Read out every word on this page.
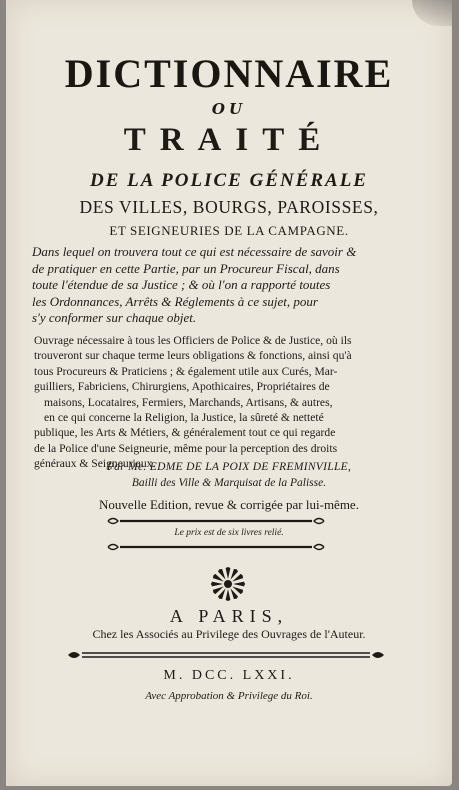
DICTIONNAIRE
OU
TRAITÉ
DE LA POLICE GÉNÉRALE
DES VILLES, BOURGS, PAROISSES,
ET SEIGNEURIES DE LA CAMPAGNE.
Dans lequel on trouvera tout ce qui est nécessaire de savoir &
de pratiquer en cette Partie, par un Procureur Fiscal, dans
toute l'étendue de sa Justice ; & où l'on a rapporté toutes
les Ordonnances, Arrêts & Réglements à ce sujet, pour
s'y conformer sur chaque objet.
Ouvrage nécessaire à tous les Officiers de Police & de Justice, où ils
trouveront sur chaque terme leurs obligations & fonctions, ainsi qu'à
tous Procureurs & Praticiens ; & également utile aux Curés, Mar-
guilliers, Fabriciens, Chirurgiens, Apothicaires, Propriétaires de
maisons, Locataires, Fermiers, Marchands, Artisans, & autres,
en ce qui concerne la Religion, la Justice, la sûreté & netteté
publique, les Arts & Métiers, & généralement tout ce qui regarde
de la Police d'une Seigneurie, même pour la perception des droits
généraux & Seigneuriaux.
Par Me. EDME DE LA POIX DE FREMINVILLE,
Bailli des Ville & Marquisat de la Palisse.
Nouvelle Edition, revue & corrigée par lui-même.
Le prix est de six livres relié.
A PARIS,
Chez les Associés au Privilege des Ouvrages de l'Auteur.
M. DCC. LXXI.
Avec Approbation & Privilege du Roi.
